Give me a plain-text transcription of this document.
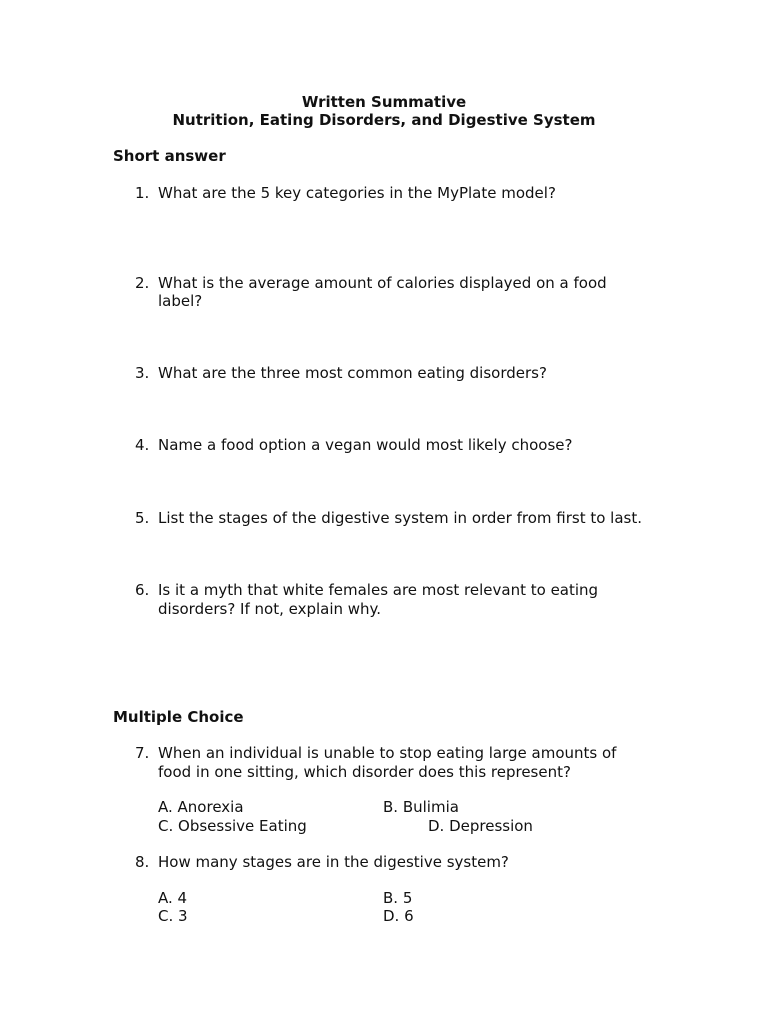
Written Summative
Nutrition, Eating Disorders, and Digestive System
Short answer
1. What are the 5 key categories in the MyPlate model?
2. What is the average amount of calories displayed on a food
label?
3. What are the three most common eating disorders?
4. Name a food option a vegan would most likely choose?
5. List the stages of the digestive system in order from first to last.
6. Is it a myth that white females are most relevant to eating
disorders? If not, explain why.
Multiple Choice
7. When an individual is unable to stop eating large amounts of
food in one sitting, which disorder does this represent?
A. Anorexia	B. Bulimia
C. Obsessive Eating	D. Depression
8. How many stages are in the digestive system?
A. 4	B. 5
C. 3	D. 6
